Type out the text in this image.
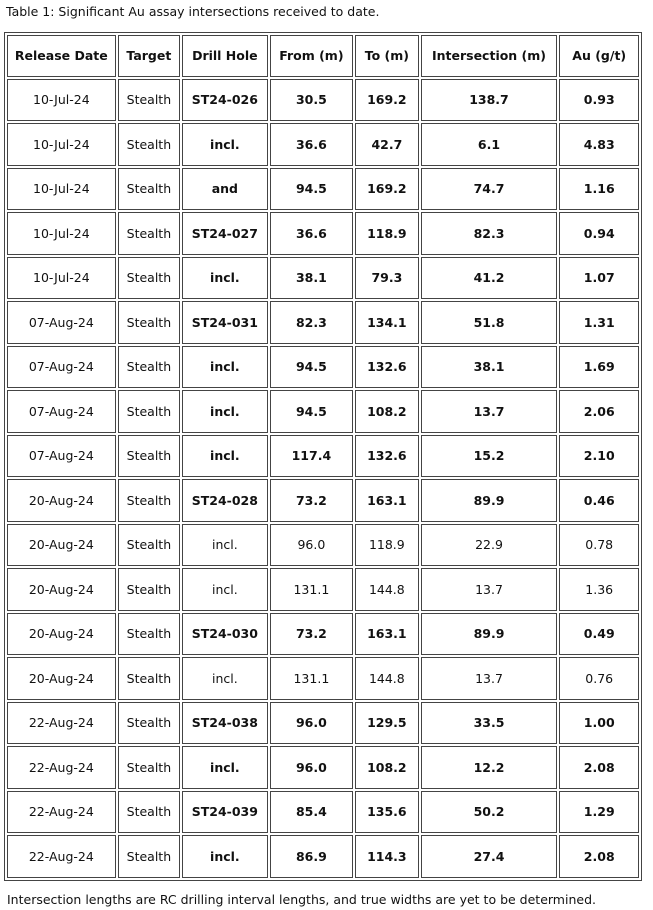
Table 1: Significant Au assay intersections received to date.
Release Date	Target	Drill Hole	From (m)	To (m)	Intersection (m)	Au (g/t)
10-Jul-24	Stealth	ST24-026	30.5	169.2	138.7	0.93
10-Jul-24	Stealth	incl.	36.6	42.7	6.1	4.83
10-Jul-24	Stealth	and	94.5	169.2	74.7	1.16
10-Jul-24	Stealth	ST24-027	36.6	118.9	82.3	0.94
10-Jul-24	Stealth	incl.	38.1	79.3	41.2	1.07
07-Aug-24	Stealth	ST24-031	82.3	134.1	51.8	1.31
07-Aug-24	Stealth	incl.	94.5	132.6	38.1	1.69
07-Aug-24	Stealth	incl.	94.5	108.2	13.7	2.06
07-Aug-24	Stealth	incl.	117.4	132.6	15.2	2.10
20-Aug-24	Stealth	ST24-028	73.2	163.1	89.9	0.46
20-Aug-24	Stealth	incl.	96.0	118.9	22.9	0.78
20-Aug-24	Stealth	incl.	131.1	144.8	13.7	1.36
20-Aug-24	Stealth	ST24-030	73.2	163.1	89.9	0.49
20-Aug-24	Stealth	incl.	131.1	144.8	13.7	0.76
22-Aug-24	Stealth	ST24-038	96.0	129.5	33.5	1.00
22-Aug-24	Stealth	incl.	96.0	108.2	12.2	2.08
22-Aug-24	Stealth	ST24-039	85.4	135.6	50.2	1.29
22-Aug-24	Stealth	incl.	86.9	114.3	27.4	2.08
Intersection lengths are RC drilling interval lengths, and true widths are yet to be determined.
